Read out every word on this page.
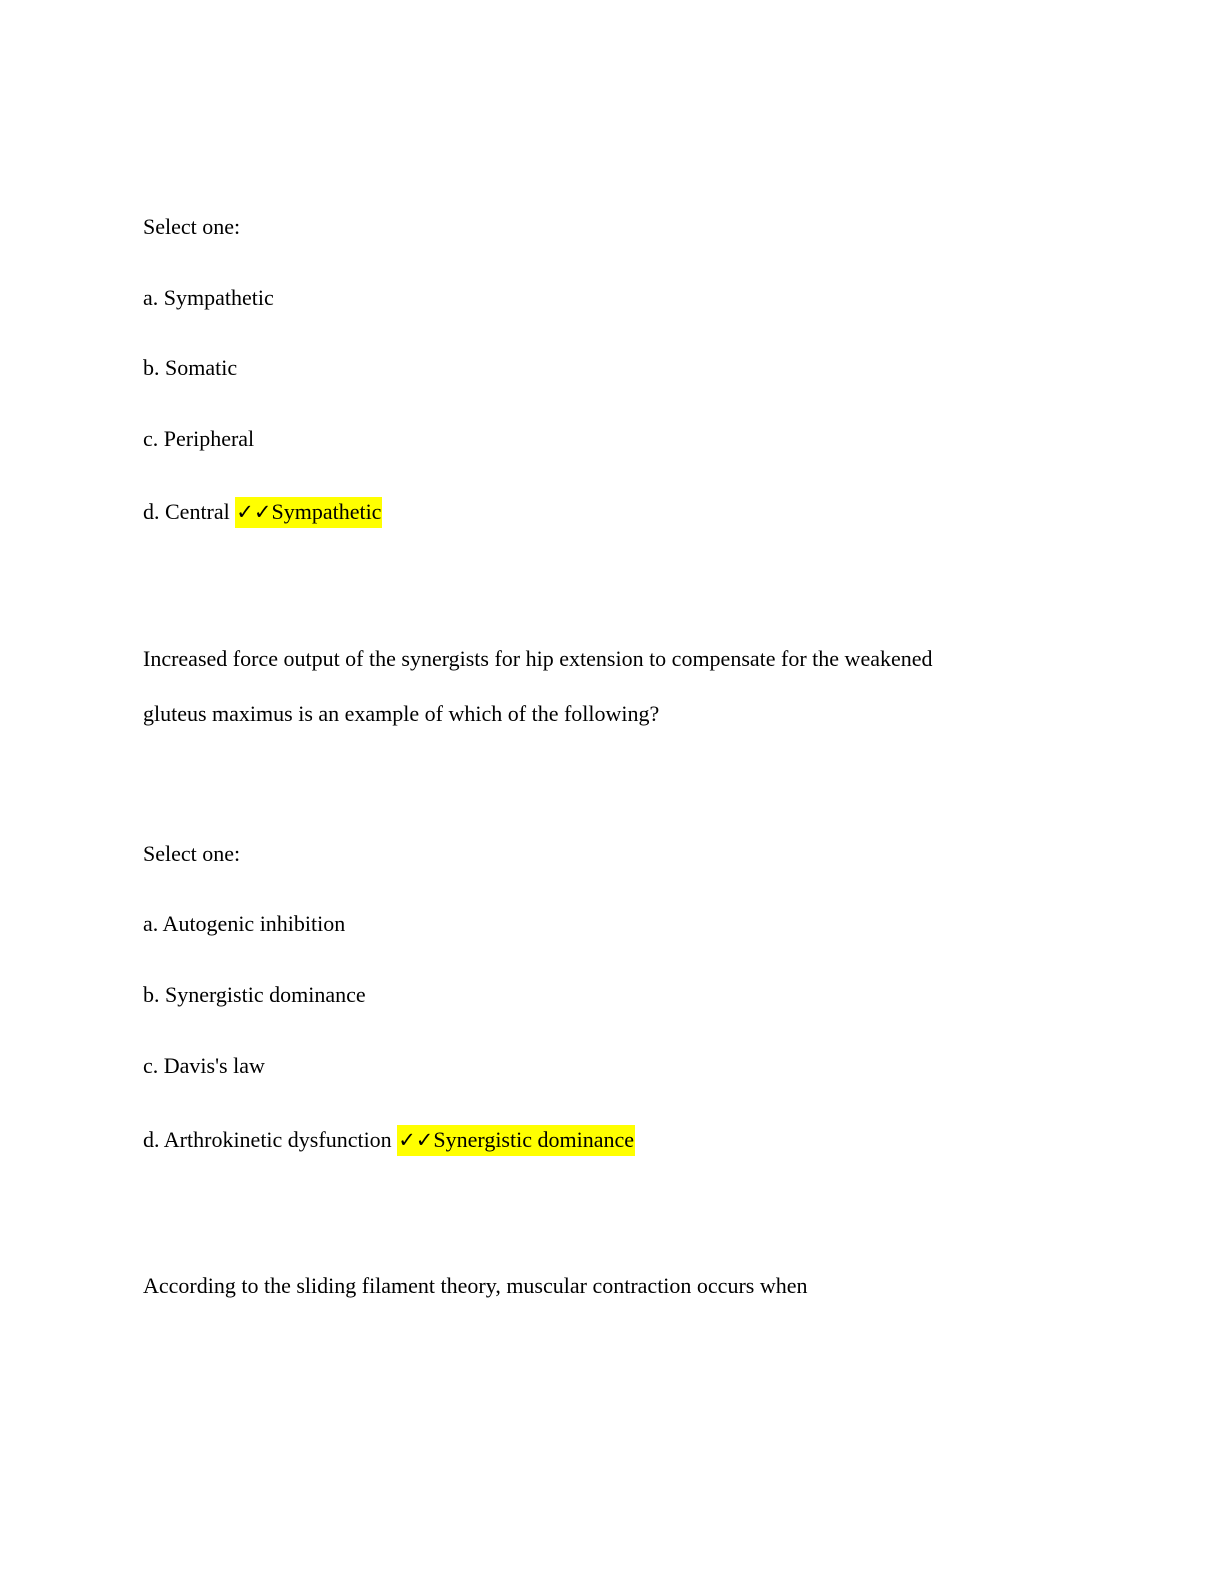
Select one:
a. Sympathetic
b. Somatic
c. Peripheral
d. Central ✓✓Sympathetic
Increased force output of the synergists for hip extension to compensate for the weakened
gluteus maximus is an example of which of the following?
Select one:
a. Autogenic inhibition
b. Synergistic dominance
c. Davis's law
d. Arthrokinetic dysfunction ✓✓Synergistic dominance
According to the sliding filament theory, muscular contraction occurs when
